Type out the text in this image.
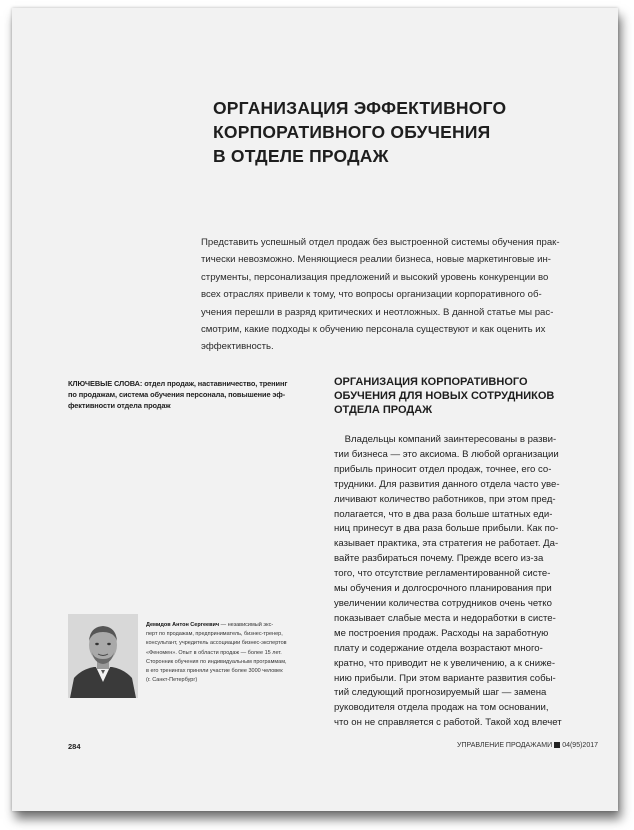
ОРГАНИЗАЦИЯ ЭФФЕКТИВНОГО
КОРПОРАТИВНОГО ОБУЧЕНИЯ
В ОТДЕЛЕ ПРОДАЖ
Представить успешный отдел продаж без выстроенной системы обучения прак-
тически невозможно. Меняющиеся реалии бизнеса, новые маркетинговые ин-
струменты, персонализация предложений и высокий уровень конкуренции во
всех отраслях привели к тому, что вопросы организации корпоративного об-
учения перешли в разряд критических и неотложных. В данной статье мы рас-
смотрим, какие подходы к обучению персонала существуют и как оценить их
эффективность.
КЛЮЧЕВЫЕ СЛОВА: отдел продаж, наставничество, тренинг
по продажам, система обучения персонала, повышение эф-
фективности отдела продаж
ОРГАНИЗАЦИЯ КОРПОРАТИВНОГО
ОБУЧЕНИЯ ДЛЯ НОВЫХ СОТРУДНИКОВ
ОТДЕЛА ПРОДАЖ
Владельцы компаний заинтересованы в разви-
тии бизнеса — это аксиома. В любой организации
прибыль приносит отдел продаж, точнее, его со-
трудники. Для развития данного отдела часто уве-
личивают количество работников, при этом пред-
полагается, что в два раза больше штатных еди-
ниц принесут в два раза больше прибыли. Как по-
казывает практика, эта стратегия не работает. Да-
вайте разбираться почему. Прежде всего из-за
того, что отсутствие регламентированной систе-
мы обучения и долгосрочного планирования при
увеличении количества сотрудников очень четко
показывает слабые места и недоработки в систе-
ме построения продаж. Расходы на заработную
плату и содержание отдела возрастают много-
кратно, что приводит не к увеличению, а к сниже-
нию прибыли. При этом варианте развития собы-
тий следующий прогнозируемый шаг — замена
руководителя отдела продаж на том основании,
что он не справляется с работой. Такой ход влечет
Демидов Антон Сергеевич — независимый экс-
перт по продажам, предприниматель, бизнес-тренер,
консультант, учредитель ассоциации бизнес-экспертов
«Феномен». Опыт в области продаж — более 15 лет.
Сторонник обучения по индивидуальным программам,
в его тренингах приняли участие более 3000 человек
(г. Санкт-Петербург)
284	УПРАВЛЕНИЕ ПРОДАЖАМИ 04(95)2017
